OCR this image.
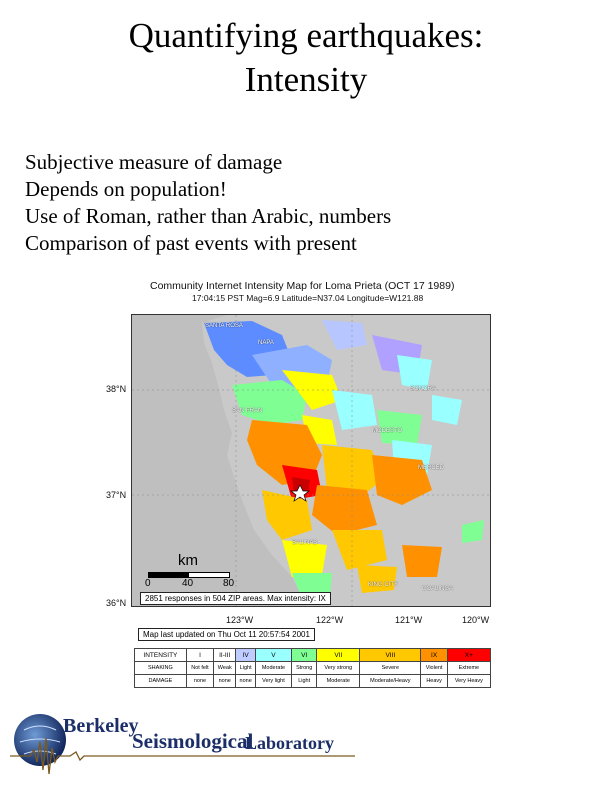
Quantifying earthquakes:
Intensity
Subjective measure of damage
Depends on population!
Use of Roman, rather than Arabic, numbers
Comparison of past events with present
Community Internet Intensity Map for Loma Prieta (OCT 17 1989)
17:04:15 PST Mag=6.9 Latitude=N37.04 Longitude=W121.88
SANTA ROSA
NAPA
SONORA
SAN FRAN
MODESTO
MERCED
SALINAS
KING CITY
COALINGA
38°N
37°N
36°N
123°W	122°W	121°W	120°W
km
0	40	80
2851 responses in 504 ZIP areas. Max intensity: IX
Map last updated on Thu Oct 11 20:57:54 2001
INTENSITY	I	II-III	IV	V	VI	VII	VIII	IX	X+
SHAKING	Not felt	Weak	Light	Moderate	Strong	Very strong	Severe	Violent	Extreme
DAMAGE	none	none	none	Very light	Light	Moderate	Moderate/Heavy	Heavy	Very Heavy
Berkeley
Seismological
Laboratory
